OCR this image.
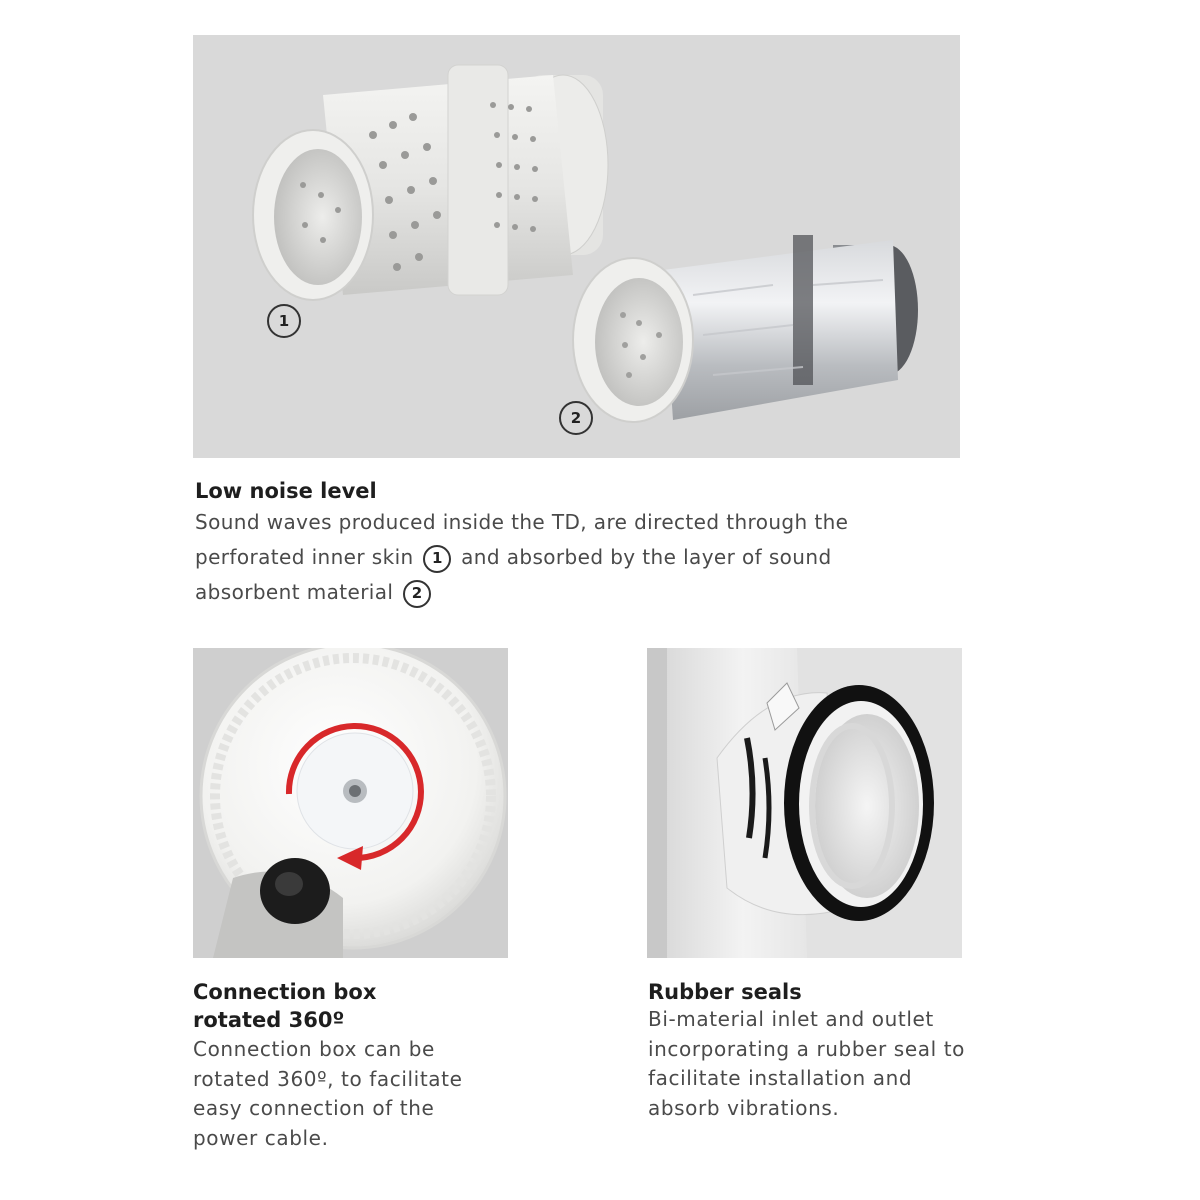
1
2
Low noise level
Sound waves produced inside the TD, are directed through the
perforated inner skin 1 and absorbed by the layer of sound
absorbent material 2
Connection box
rotated 360º

Connection box can be rotated 360º, to facilitate easy connection of the power cable.

Rubber seals

Bi-material inlet and outlet incorporating a rubber seal to facilitate installation and absorb vibrations.
